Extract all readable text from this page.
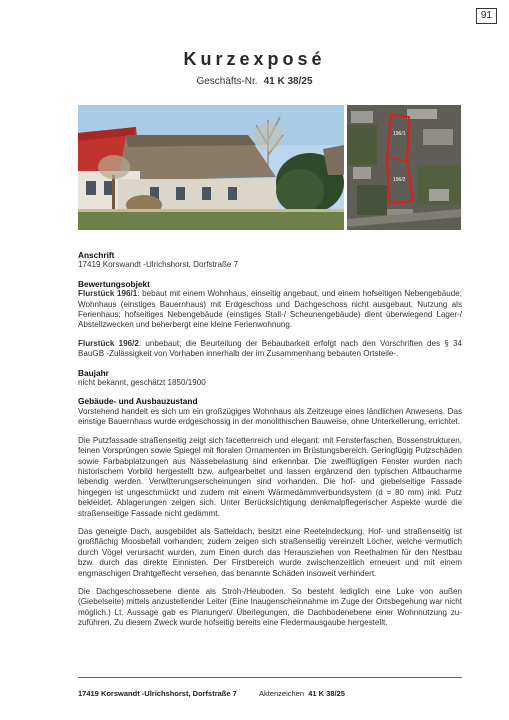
91
Kurzexposé
Geschäfts-Nr. 41 K 38/25
196/1
196/2
Anschrift

17419 Korswandt -Ulrichshorst, Dorfstraße 7

Bewertungsobjekt

Flurstück 196/1: bebaut mit einem Wohnhaus, einseitig angebaut, und einem hofseitigen Nebengebäude; Wohnhaus (einstiges Bauernhaus) mit Erdgeschoss und Dachgeschoss nicht ausgebaut, Nutzung als Ferienhaus; hofseitiges Nebengebäude (einstiges Stall-/ Scheunengebäude) dient überwiegend Lager-/ Abstellzwecken und beherbergt eine kleine Ferienwohnung.

Flurstück 196/2: unbebaut; die Beurteilung der Bebaubarkeit erfolgt nach den Vorschriften des § 34 BauGB -Zulässigkeit von Vorhaben innerhalb der im Zusammenhang bebauten Ortsteile-.

Baujahr

nicht bekannt, geschätzt 1850/1900

Gebäude- und Ausbauzustand

Vorstehend handelt es sich um ein großzügiges Wohnhaus als Zeitzeuge eines ländlichen Anwesens. Das einstige Bauernhaus wurde erdgeschossig in der monolithischen Bauweise, ohne Unterkellerung, errichtet.

Die Putzfassade straßenseitig zeigt sich facettenreich und elegant: mit Fensterfaschen, Bossenstrukturen, feinen Vorsprüngen sowie Spiegel mit floralen Ornamenten im Brüstungsbereich. Geringfügig Putzschäden sowie Farbabplatzungen aus Nässebelastung sind erkennbar. Die zweiflügligen Fenster wurden nach historischem Vorbild hergestellt bzw. aufgearbeitet und lassen ergänzend den typischen Altbaucharme lebendig werden. Verwitterungserscheinungen sind vorhanden. Die hof- und giebelseitige Fassade hingegen ist ungeschmückt und zudem mit einem Wärmedämmverbundsystem (d = 80 mm) inkl. Putz bekleidet. Ablagerungen zeigen sich. Unter Berücksichtigung denkmalpflegerischer Aspekte wurde die straßenseitige Fassade nicht gedämmt.

Das geneigte Dach, ausgebildet als Satteldach, besitzt eine Reeteindeckung. Hof- und straßenseitig ist großflächig Moosbefall vorhanden; zudem zeigen sich straßenseitig vereinzelt Löcher, welche vermutlich durch Vögel verursacht wurden, zum Einen durch das Herausziehen von Reethalmen für den Nestbau bzw. durch das direkte Einnisten. Der Firstbereich wurde zwischenzeitlich erneuert und mit einem engmaschigen Drahtgeflecht versehen, das benannte Schäden insoweit verhindert.

Die Dachgeschossebene diente als Stroh-/Heuboden. So besteht lediglich eine Luke von außen (Giebelseite) mittels anzustellender Leiter (Eine Inaugenscheinnahme im Zuge der Ortsbegehung war nicht möglich.) Lt. Aussage gab es Planungen/ Überlegungen, die Dachbodenebene einer Wohnnutzung zu-zuführen. Zu diesem Zweck wurde hofseitig bereits eine Fledermausgaube hergestellt.

17419 Korswandt -Ulrichshorst, Dorfstraße 7	Aktenzeichen 41 K 38/25
